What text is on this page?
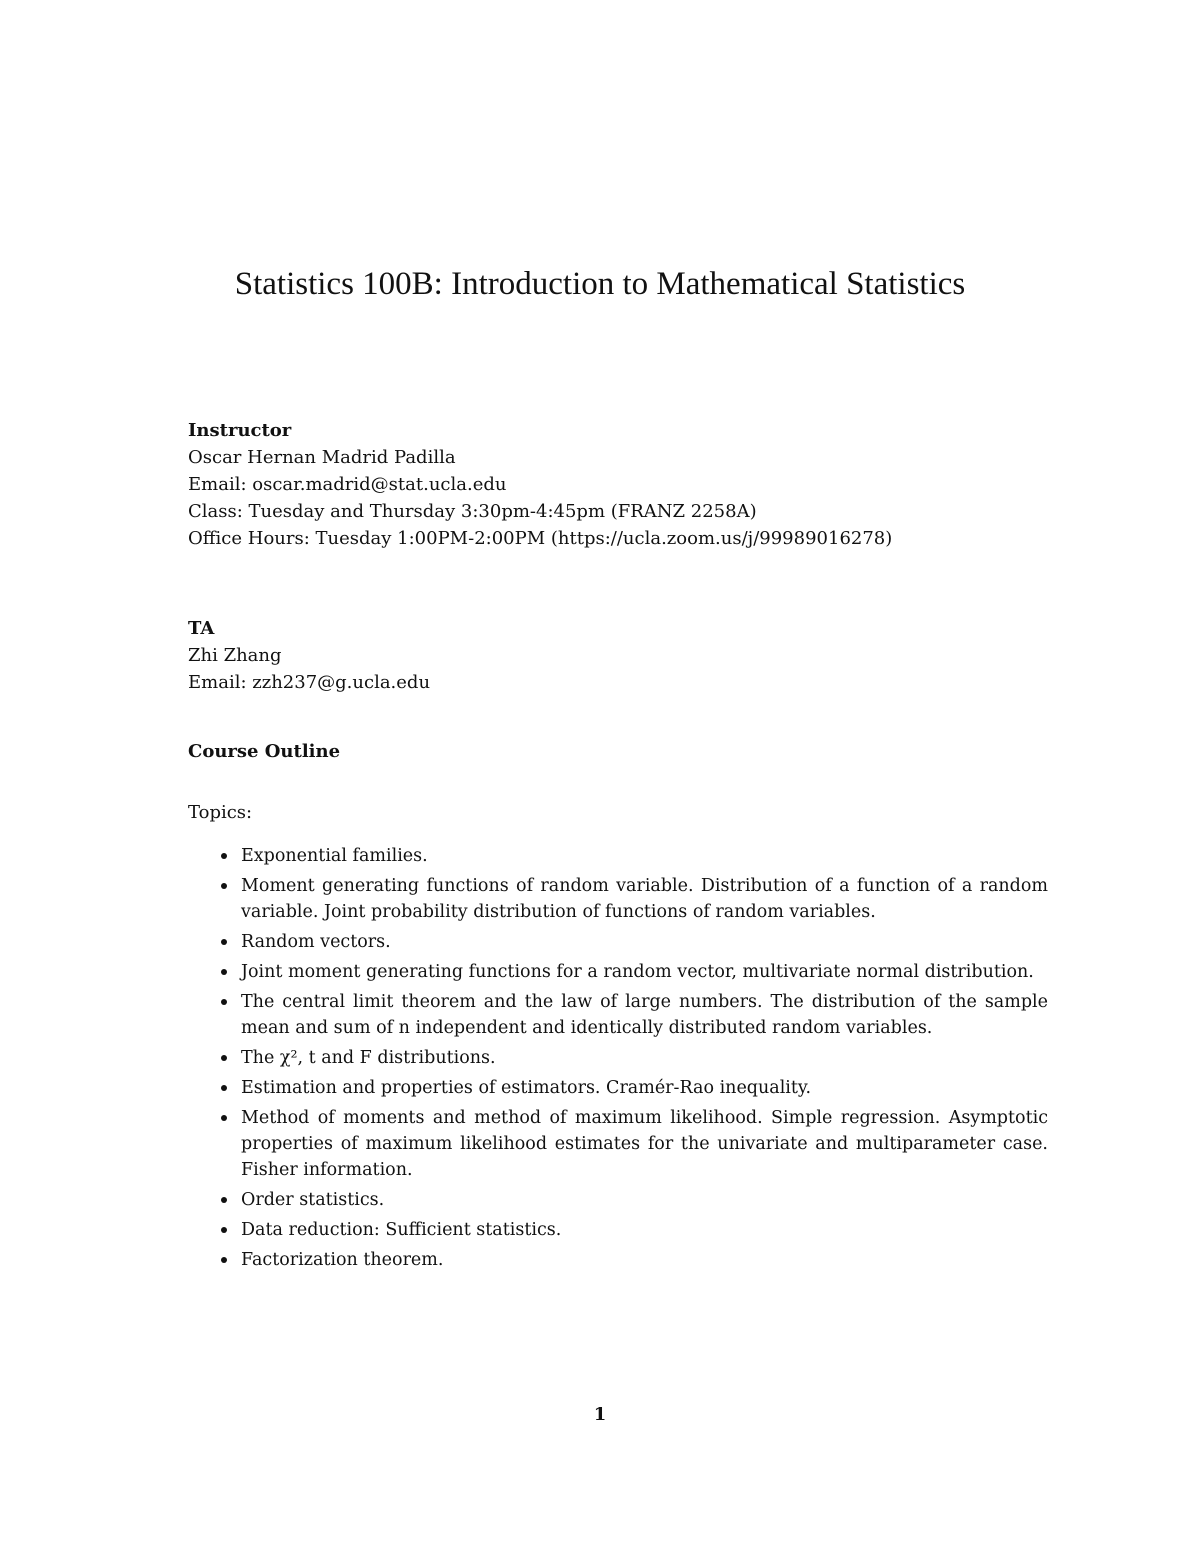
Statistics 100B: Introduction to Mathematical Statistics
Instructor
Oscar Hernan Madrid Padilla
Email: oscar.madrid@stat.ucla.edu
Class: Tuesday and Thursday 3:30pm-4:45pm (FRANZ 2258A)
Office Hours: Tuesday 1:00PM-2:00PM (https://ucla.zoom.us/j/99989016278)
TA
Zhi Zhang
Email: zzh237@g.ucla.edu
Course Outline
Topics:
Exponential families.
Moment generating functions of random variable. Distribution of a function of a random variable. Joint probability distribution of functions of random variables.
Random vectors.
Joint moment generating functions for a random vector, multivariate normal distribution.
The central limit theorem and the law of large numbers. The distribution of the sample mean and sum of n independent and identically distributed random variables.
The χ², t and F distributions.
Estimation and properties of estimators. Cramér-Rao inequality.
Method of moments and method of maximum likelihood. Simple regression. Asymptotic properties of maximum likelihood estimates for the univariate and multiparameter case. Fisher information.
Order statistics.
Data reduction: Sufficient statistics.
Factorization theorem.
1
